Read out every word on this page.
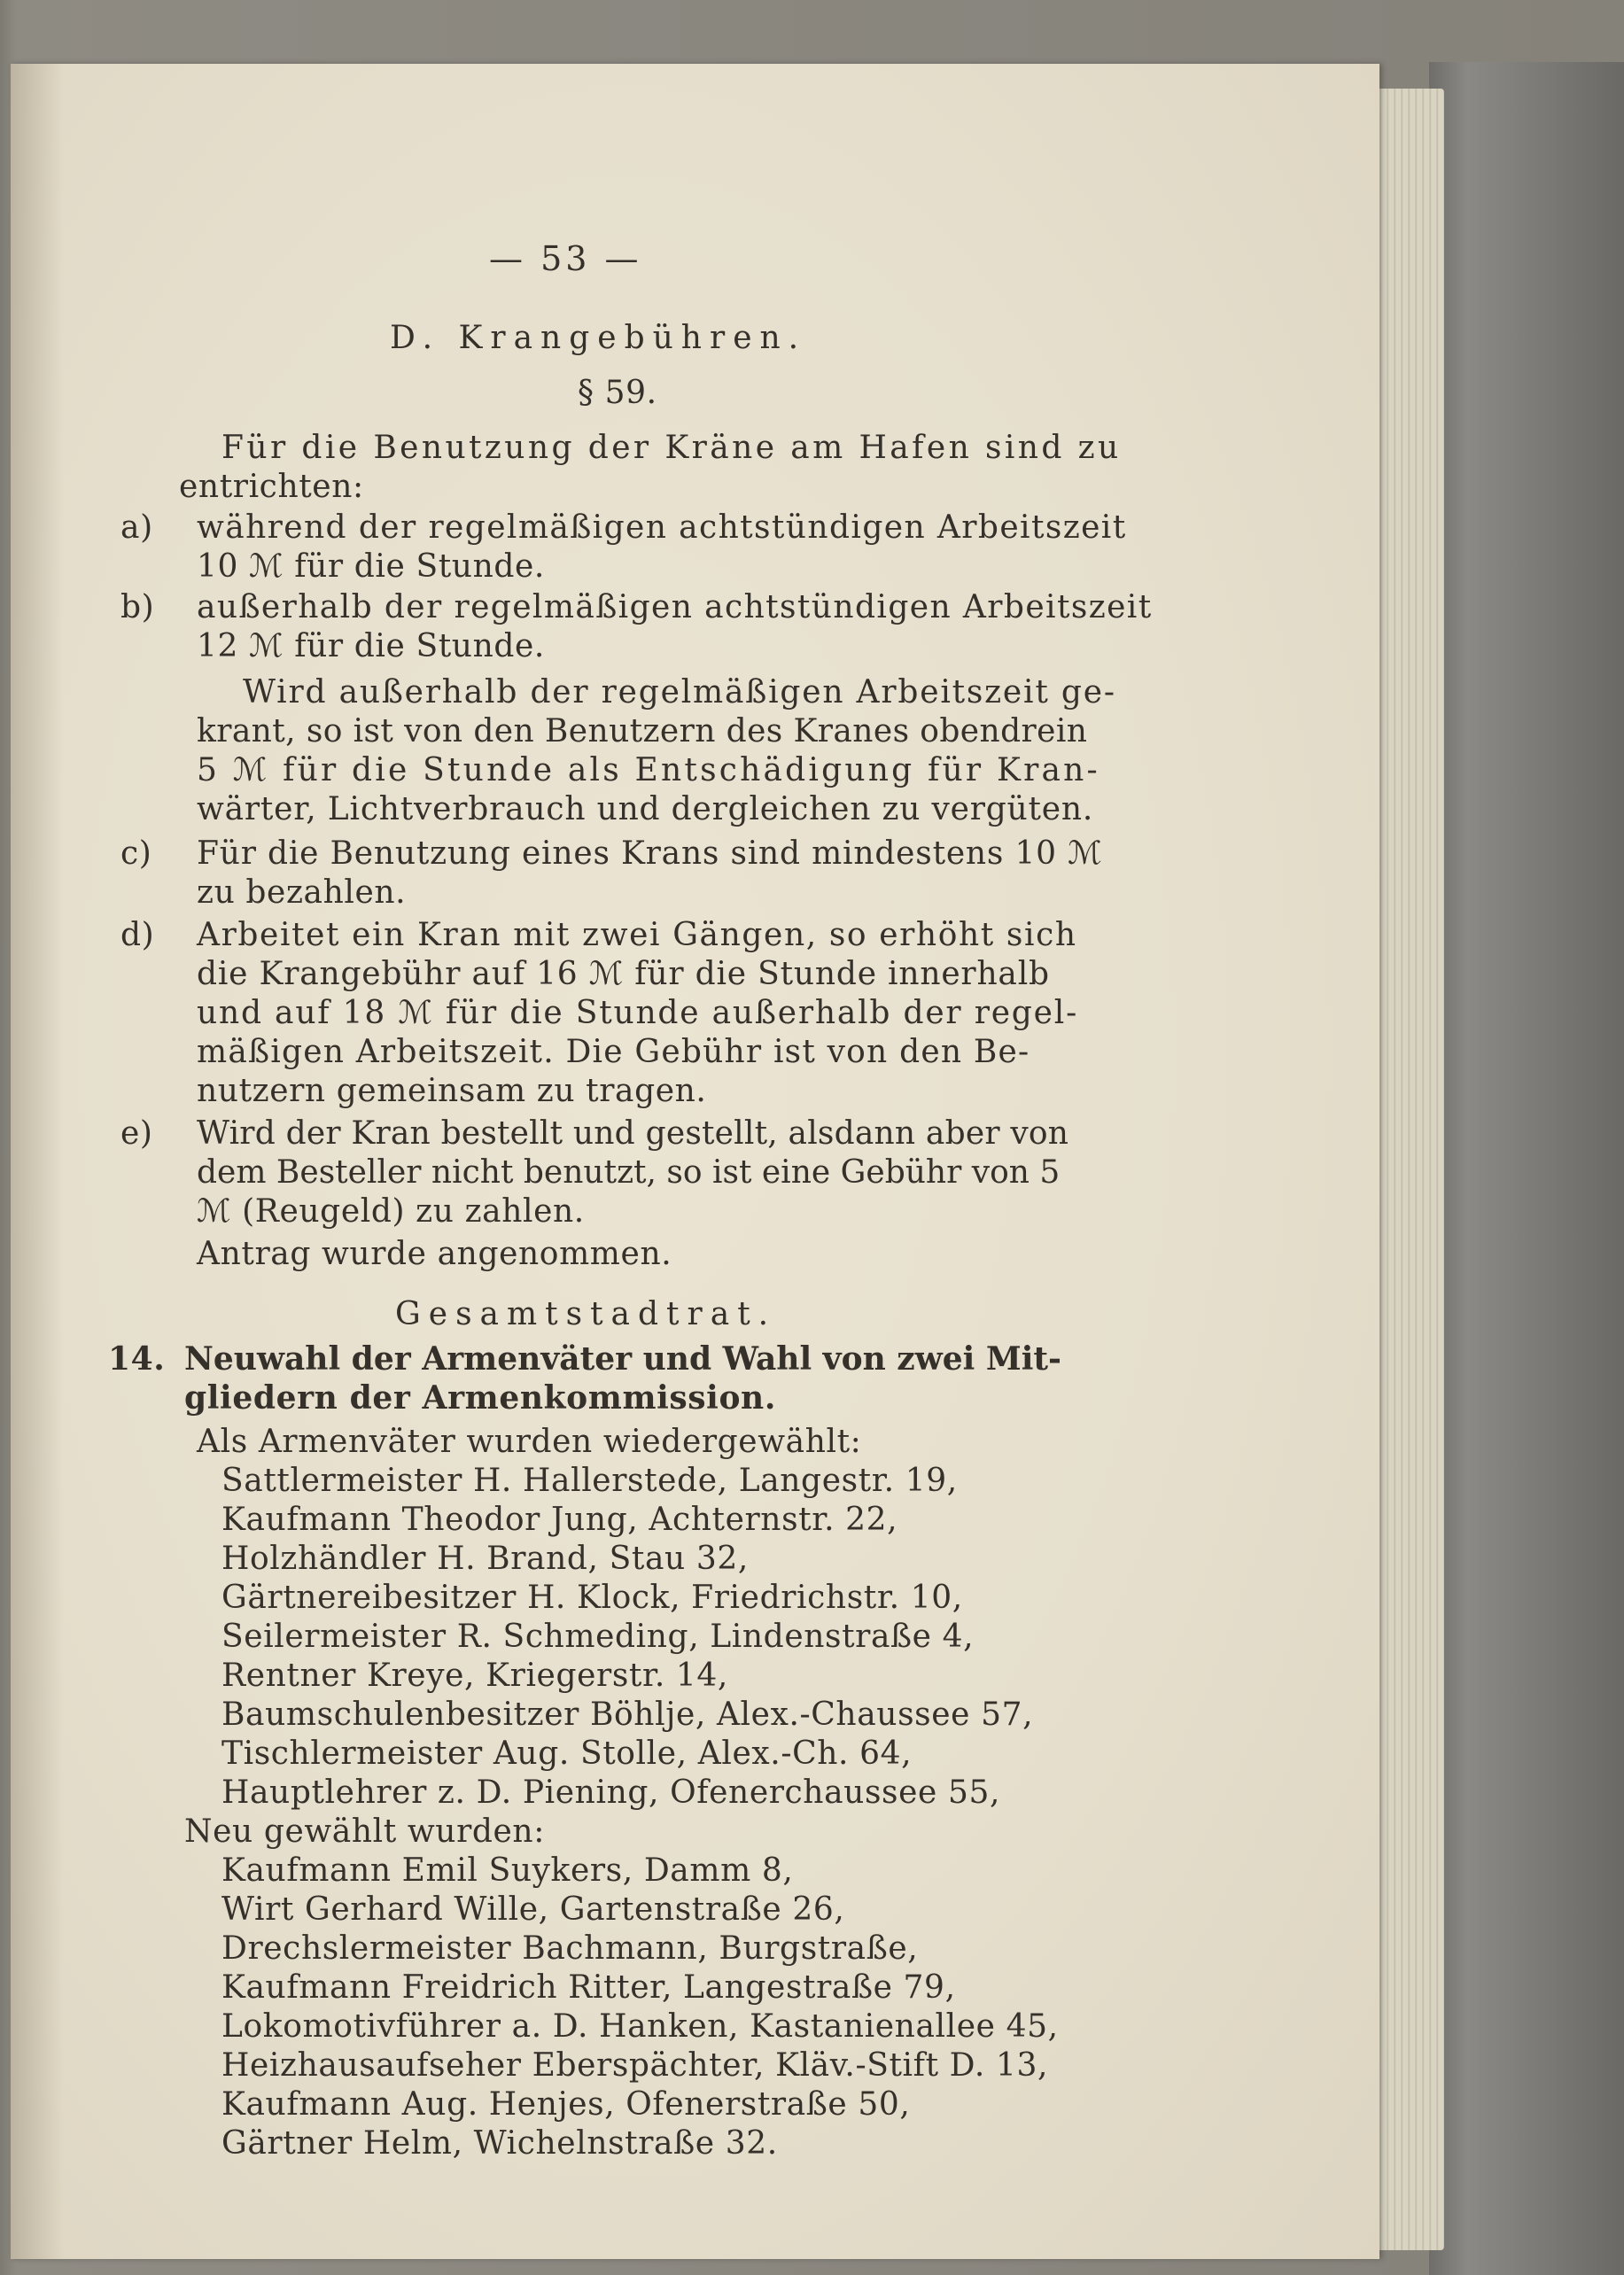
— 53 —

D. Krangebühren.

§ 59.

Für die Benutzung der Kräne am Hafen sind zu

entrichten:

a) während der regelmäßigen achtstündigen Arbeitszeit

10 ℳ für die Stunde.

b) außerhalb der regelmäßigen achtstündigen Arbeitszeit

12 ℳ für die Stunde.

Wird außerhalb der regelmäßigen Arbeitszeit ge-

krant, so ist von den Benutzern des Kranes obendrein

5 ℳ für die Stunde als Entschädigung für Kran-

wärter, Lichtverbrauch und dergleichen zu vergüten.

c) Für die Benutzung eines Krans sind mindestens 10 ℳ

zu bezahlen.

d) Arbeitet ein Kran mit zwei Gängen, so erhöht sich

die Krangebühr auf 16 ℳ für die Stunde innerhalb

und auf 18 ℳ für die Stunde außerhalb der regel-

mäßigen Arbeitszeit. Die Gebühr ist von den Be-

nutzern gemeinsam zu tragen.

e) Wird der Kran bestellt und gestellt, alsdann aber von

dem Besteller nicht benutzt, so ist eine Gebühr von 5

ℳ (Reugeld) zu zahlen.

Antrag wurde angenommen.

Gesamtstadtrat.

14. Neuwahl der Armenväter und Wahl von zwei Mit-

gliedern der Armenkommission.

Als Armenväter wurden wiedergewählt:

Sattlermeister H. Hallerstede, Langestr. 19,

Kaufmann Theodor Jung, Achternstr. 22,

Holzhändler H. Brand, Stau 32,

Gärtnereibesitzer H. Klock, Friedrichstr. 10,

Seilermeister R. Schmeding, Lindenstraße 4,

Rentner Kreye, Kriegerstr. 14,

Baumschulenbesitzer Böhlje, Alex.-Chaussee 57,

Tischlermeister Aug. Stolle, Alex.-Ch. 64,

Hauptlehrer z. D. Piening, Ofenerchaussee 55,

Neu gewählt wurden:

Kaufmann Emil Suykers, Damm 8,

Wirt Gerhard Wille, Gartenstraße 26,

Drechslermeister Bachmann, Burgstraße,

Kaufmann Freidrich Ritter, Langestraße 79,

Lokomotivführer a. D. Hanken, Kastanienallee 45,

Heizhausaufseher Eberspächter, Kläv.-Stift D. 13,

Kaufmann Aug. Henjes, Ofenerstraße 50,

Gärtner Helm, Wichelnstraße 32.
